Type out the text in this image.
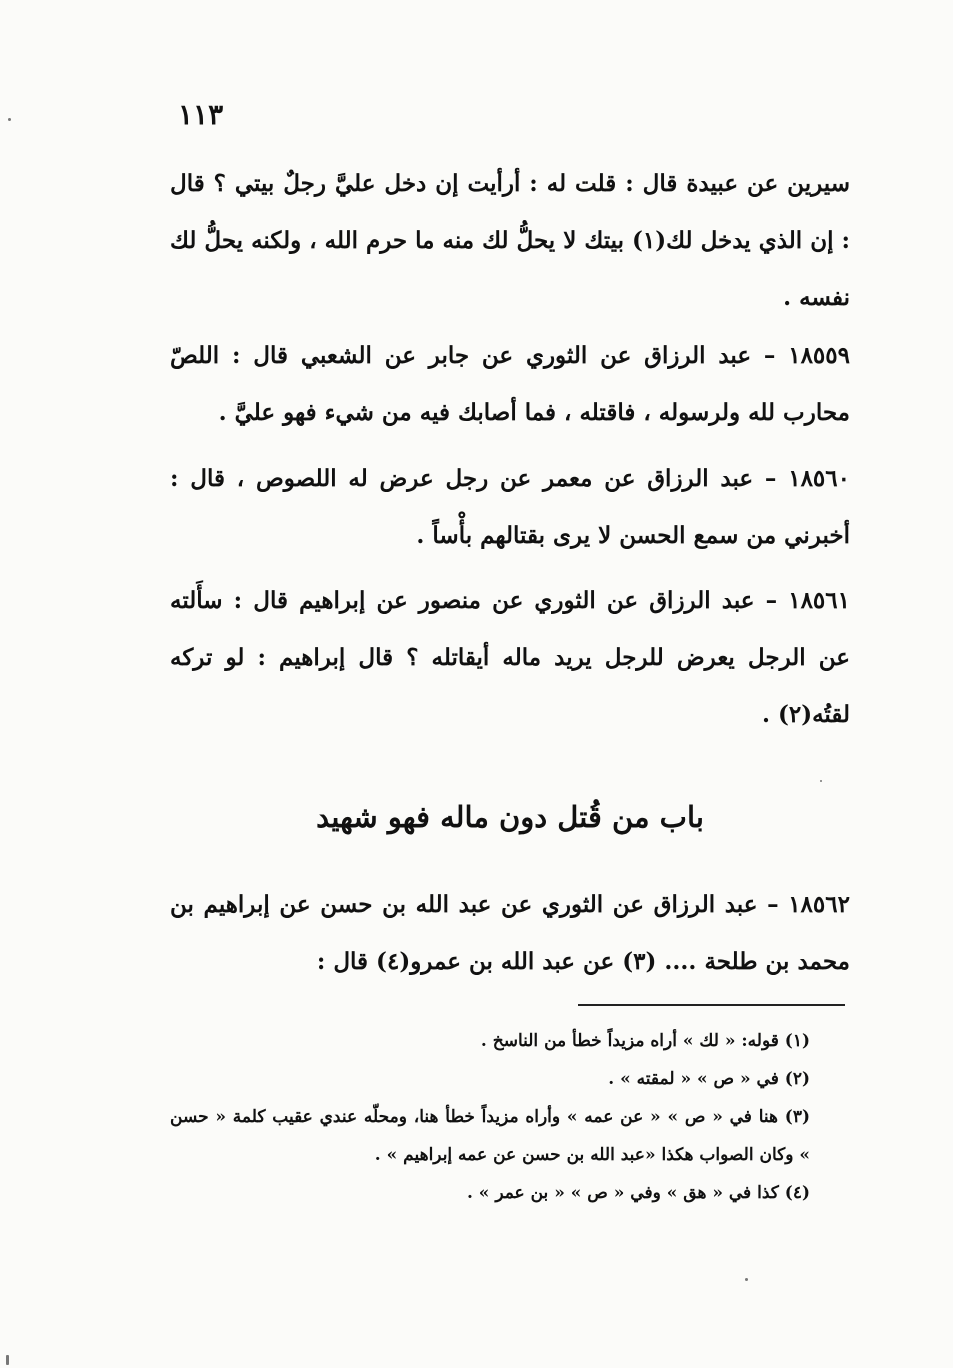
١١٣
سيرين عن عبيدة قال : قلت له : أرأيت إن دخل عليَّ رجلٌ بيتي ؟ قال : إن الذي يدخل لك(١) بيتك لا يحلُّ لك منه ما حرم الله ، ولكنه يحلُّ لك نفسه .
١٨٥٥٩ – عبد الرزاق عن الثوري عن جابر عن الشعبي قال : اللصّ محارب لله ولرسوله ، فاقتله ، فما أصابك فيه من شيء فهو عليَّ .
١٨٥٦٠ – عبد الرزاق عن معمر عن رجل عرض له اللصوص ، قال : أخبرني من سمع الحسن لا يرى بقتالهم بأْساً .
١٨٥٦١ – عبد الرزاق عن الثوري عن منصور عن إبراهيم قال : سأَلته عن الرجل يعرض للرجل يريد ماله أيقاتله ؟ قال إبراهيم : لو تركه لقتُه(٢) .
باب من قُتل دون ماله فهو شهيد
١٨٥٦٢ – عبد الرزاق عن الثوري عن عبد الله بن حسن عن إبراهيم بن محمد بن طلحة .... (٣) عن عبد الله بن عمرو(٤) قال :

(١) قوله: « لك » أراه مزيداً خطأ من الناسخ .

(٢) في « ص » « لمقته » .

(٣) هنا في « ص » « عن عمه » وأراه مزيداً خطأ هنا، ومحلّه عندي عقيب كلمة « حسن » وكان الصواب هكذا «عبد الله بن حسن عن عمه إبراهيم » .

(٤) كذا في « هق » وفي « ص » « بن عمر » .
